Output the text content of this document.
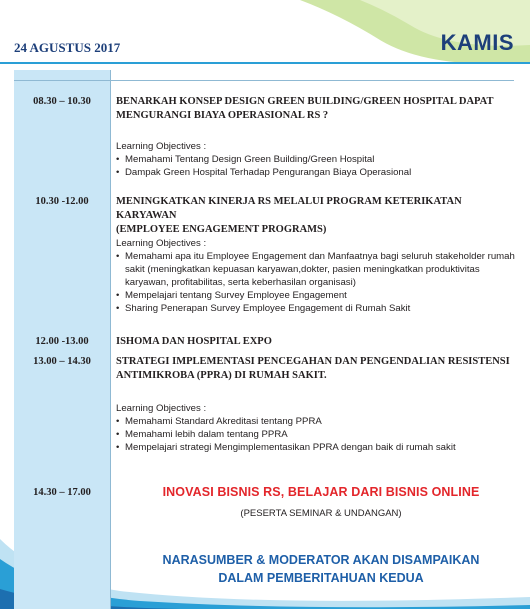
24 AGUSTUS 2017	KAMIS
08.30 – 10.30	BENARKAH KONSEP DESIGN GREEN BUILDING/GREEN HOSPITAL DAPAT
MENGURANGI BIAYA OPERASIONAL RS ?
Learning Objectives :
• Memahami Tentang Design Green Building/Green Hospital
• Dampak Green Hospital Terhadap Pengurangan Biaya Operasional
10.30 -12.00	MENINGKATKAN KINERJA RS MELALUI PROGRAM KETERIKATAN KARYAWAN
(EMPLOYEE ENGAGEMENT PROGRAMS)
Learning Objectives :
• Memahami apa itu Employee Engagement dan Manfaatnya bagi seluruh stakeholder rumah sakit (meningkatkan kepuasan karyawan,dokter, pasien meningkatkan produktivitas karyawan, profitabilitas, serta keberhasilan organisasi)
• Mempelajari tentang Survey Employee Engagement
• Sharing Penerapan Survey Employee Engagement di Rumah Sakit
12.00 -13.00	ISHOMA DAN HOSPITAL EXPO
13.00 – 14.30	STRATEGI IMPLEMENTASI PENCEGAHAN DAN PENGENDALIAN RESISTENSI
ANTIMIKROBA (PPRA) DI RUMAH SAKIT.
Learning Objectives :
• Memahami Standard Akreditasi tentang PPRA
• Memahami lebih dalam tentang PPRA
• Mempelajari strategi Mengimplementasikan PPRA dengan baik di rumah sakit
14.30 – 17.00	INOVASI BISNIS RS, BELAJAR DARI BISNIS ONLINE
(PESERTA SEMINAR & UNDANGAN)
NARASUMBER & MODERATOR AKAN DISAMPAIKAN
DALAM PEMBERITAHUAN KEDUA
